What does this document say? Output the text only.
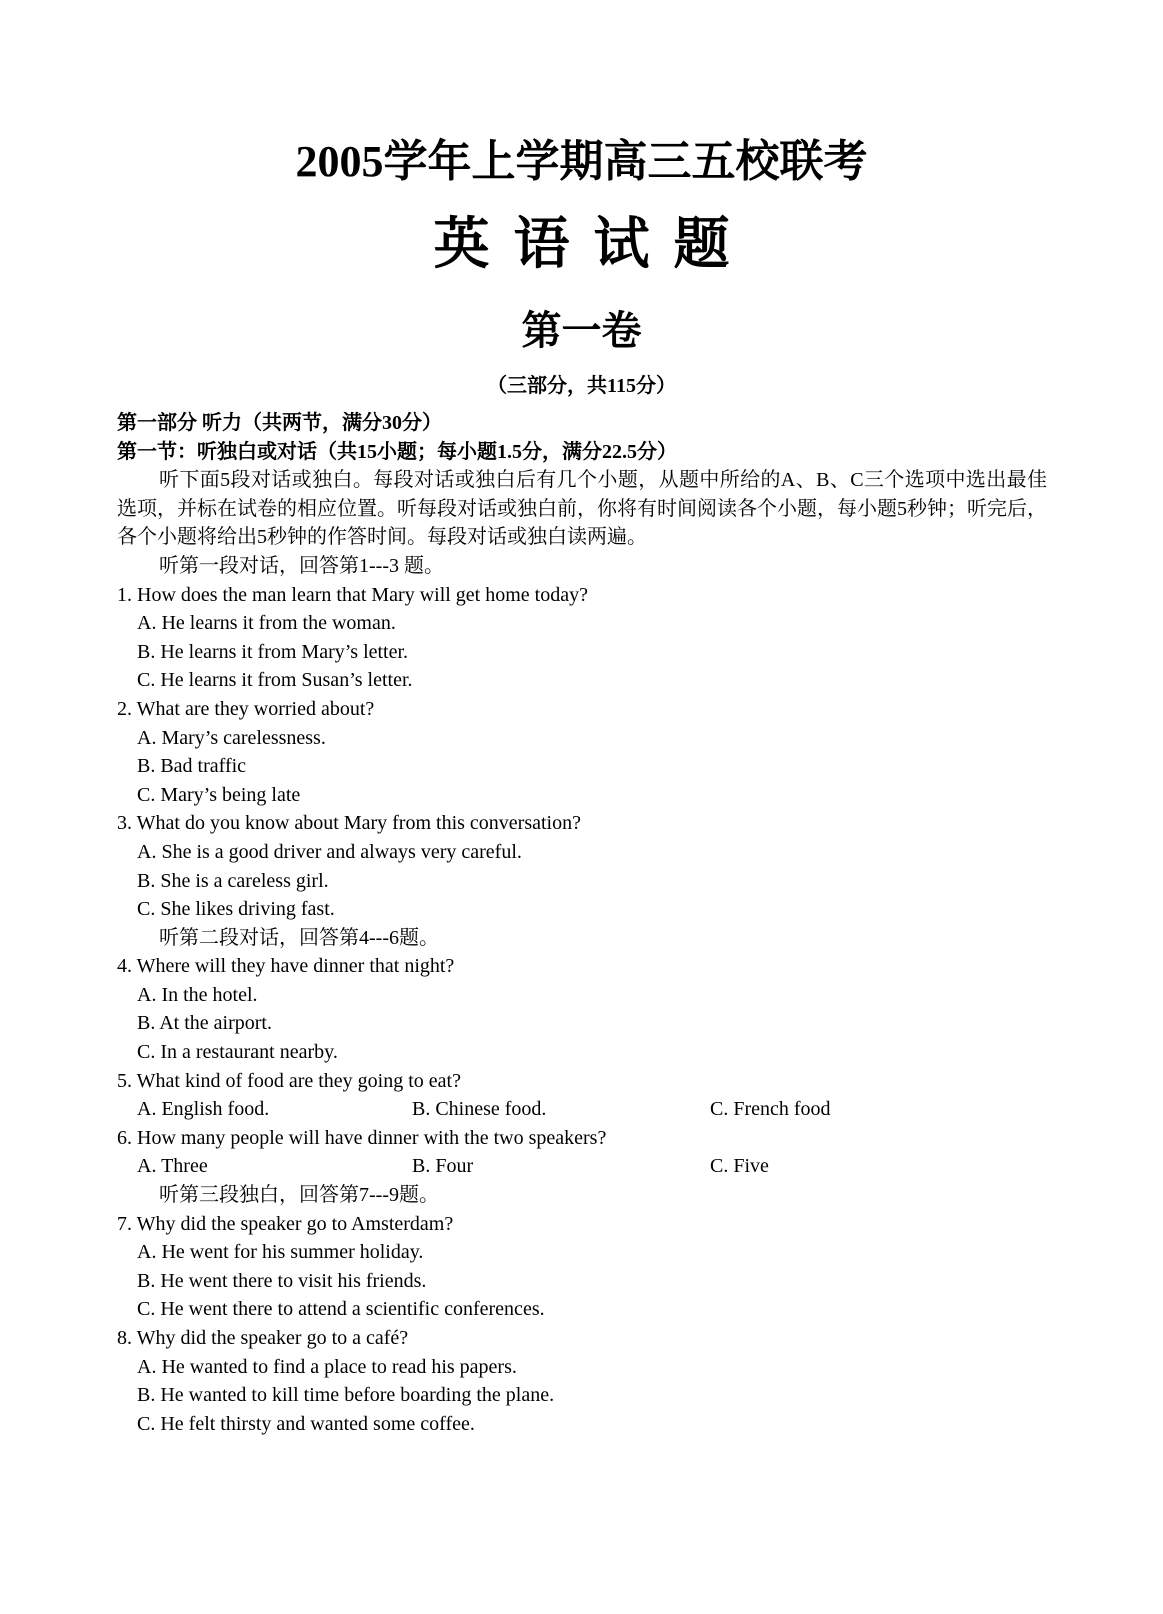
2005学年上学期高三五校联考
英语试题
第一卷
（三部分，共115分）
第一部分 听力（共两节，满分30分）
第一节：听独白或对话（共15小题；每小题1.5分，满分22.5分）
听下面5段对话或独白。每段对话或独白后有几个小题，从题中所给的A、B、C三个选项中选出最佳选项，并标在试卷的相应位置。听每段对话或独白前，你将有时间阅读各个小题，每小题5秒钟；听完后，各个小题将给出5秒钟的作答时间。每段对话或独白读两遍。
听第一段对话，回答第1---3 题。
1. How does the man learn that Mary will get home today?
A. He learns it from the woman.
B. He learns it from Mary’s letter.
C. He learns it from Susan’s letter.
2. What are they worried about?
A. Mary’s carelessness.
B. Bad traffic
C. Mary’s being late
3. What do you know about Mary from this conversation?
A. She is a good driver and always very careful.
B. She is a careless girl.
C. She likes driving fast.
听第二段对话，回答第4---6题。
4. Where will they have dinner that night?
A. In the hotel.
B. At the airport.
C. In a restaurant nearby.
5. What kind of food are they going to eat?
A. English food.	B. Chinese food.	C. French food
6. How many people will have dinner with the two speakers?
A. Three	B. Four	C. Five
听第三段独白，回答第7---9题。
7. Why did the speaker go to Amsterdam?
A. He went for his summer holiday.
B. He went there to visit his friends.
C. He went there to attend a scientific conferences.
8. Why did the speaker go to a café?
A. He wanted to find a place to read his papers.
B. He wanted to kill time before boarding the plane.
C. He felt thirsty and wanted some coffee.
